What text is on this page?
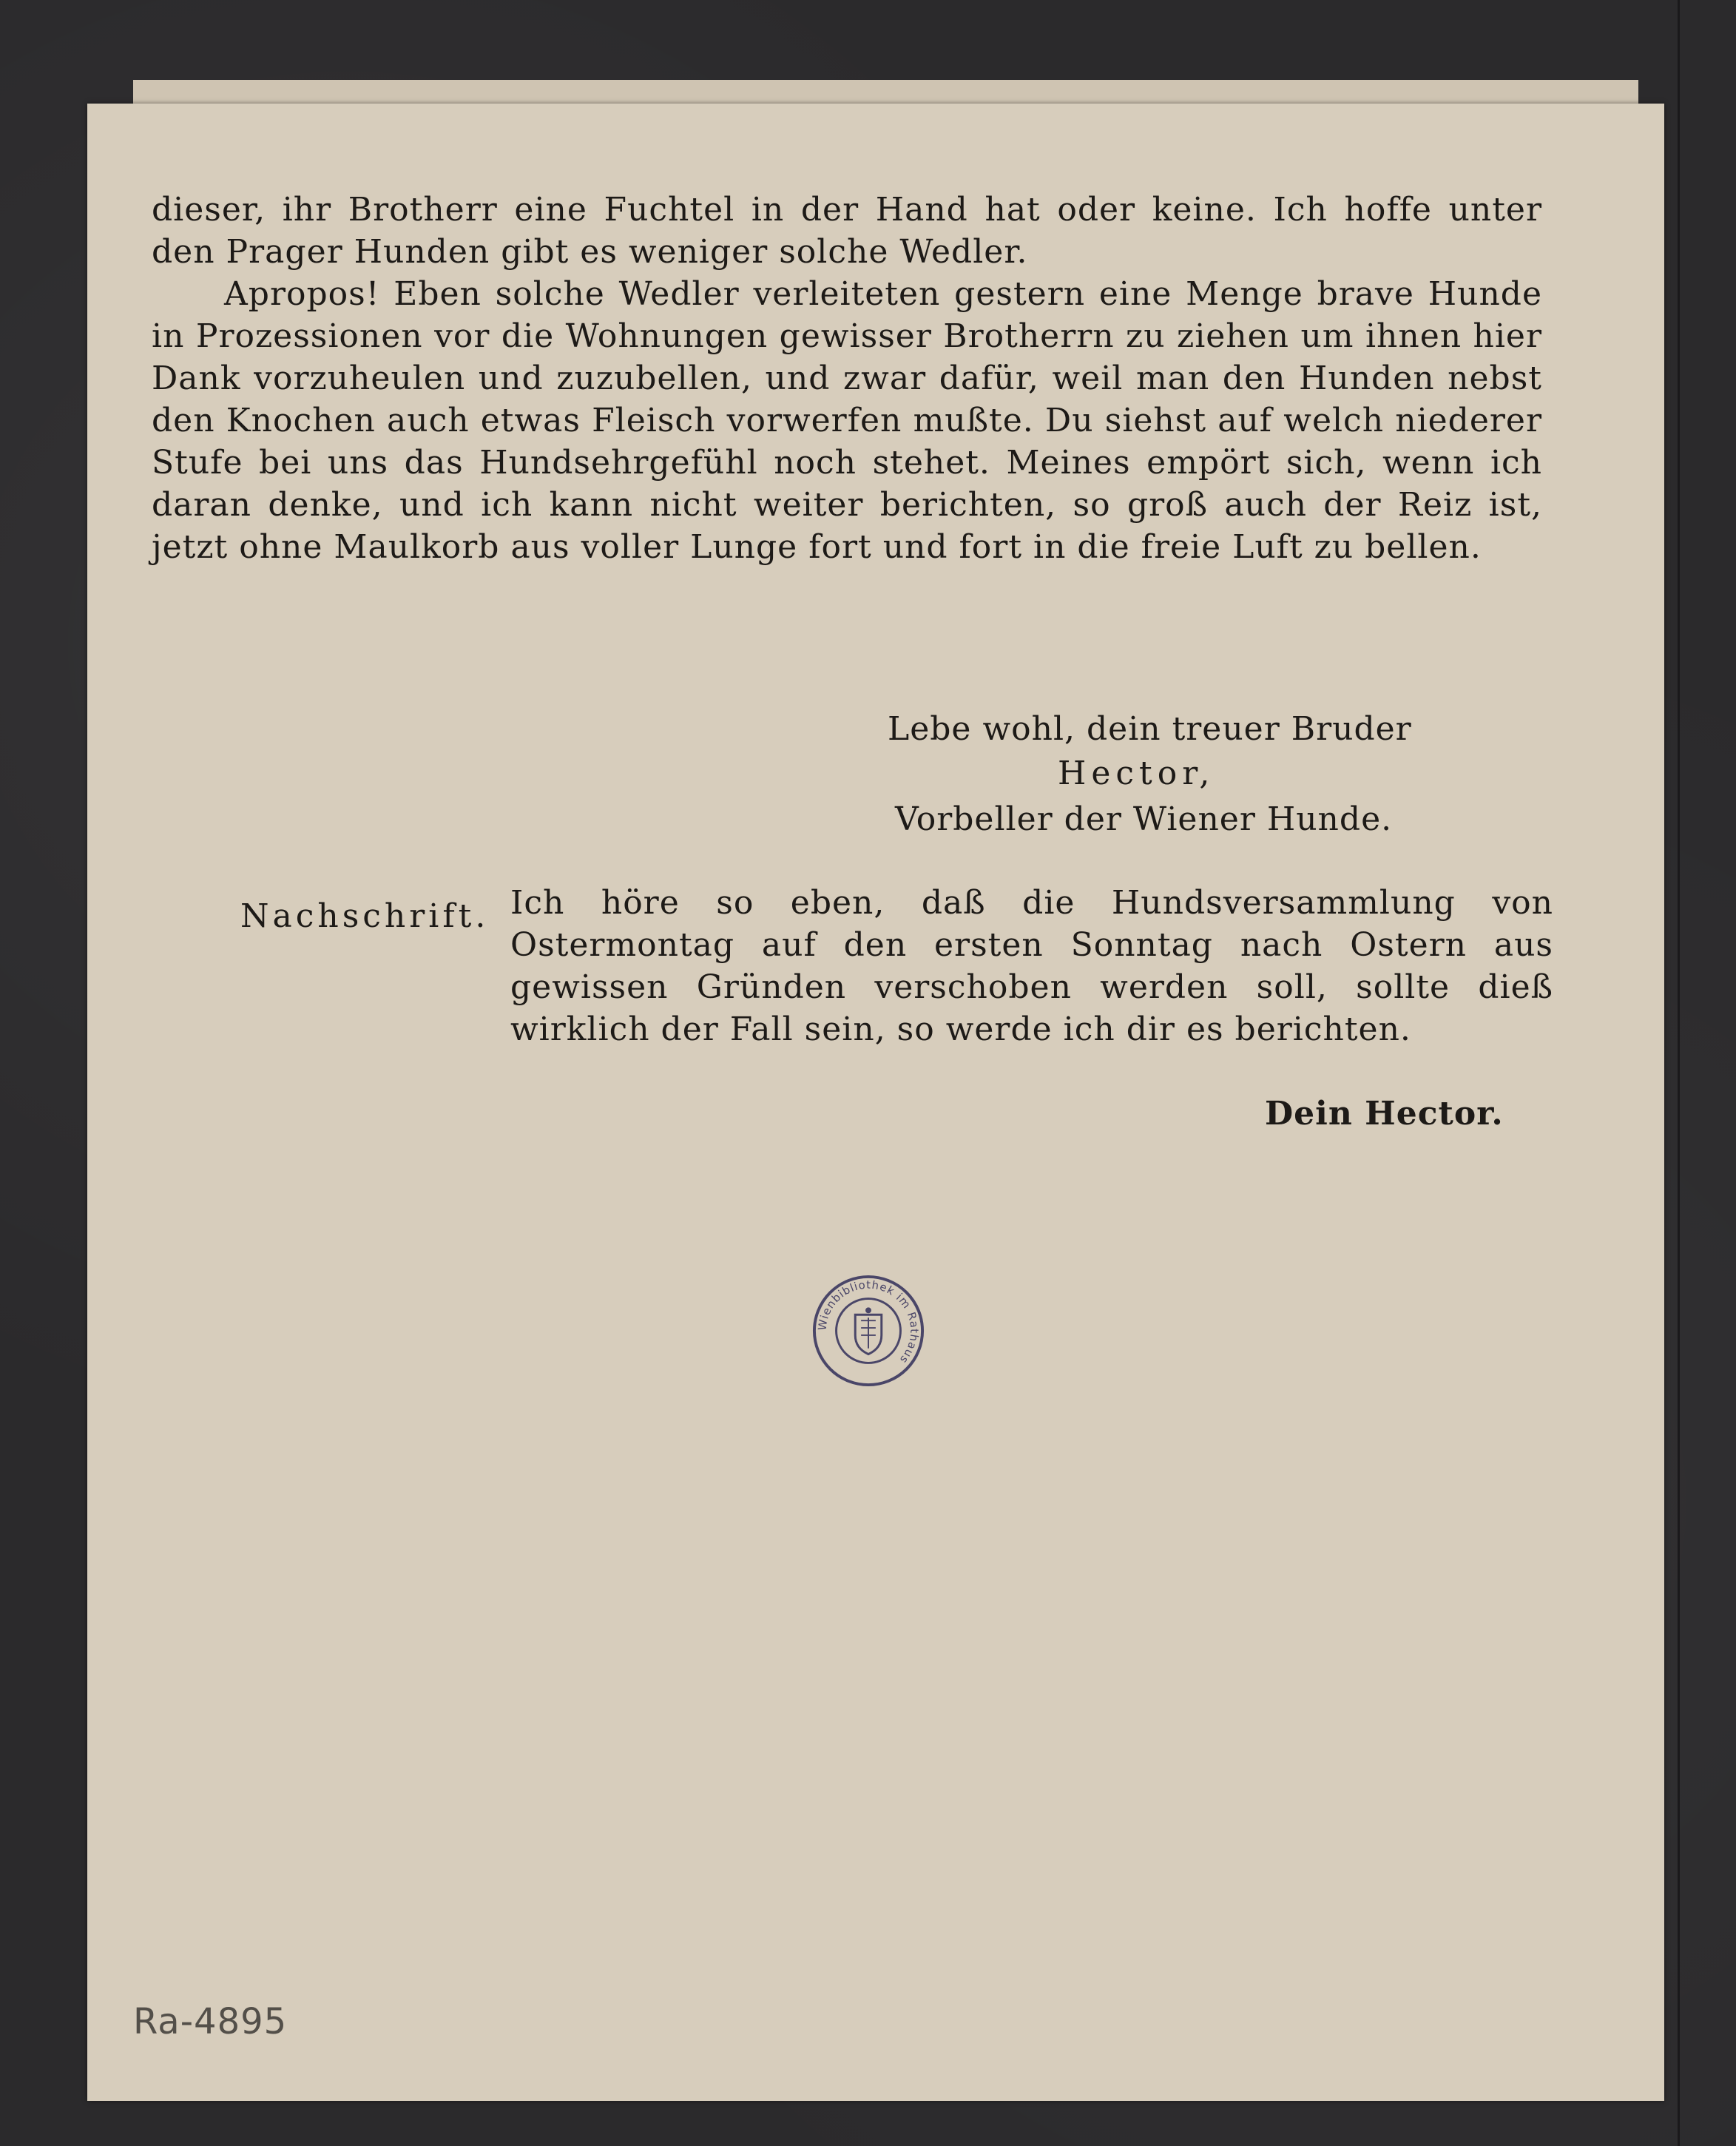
dieser, ihr Brotherr eine Fuchtel in der Hand hat oder keine. Ich hoffe unter den Prager Hunden gibt es weniger solche Wedler.

Apropos! Eben solche Wedler verleiteten gestern eine Menge brave Hunde in Prozessionen vor die Wohnungen gewisser Brotherrn zu ziehen um ihnen hier Dank vorzuheulen und zuzubellen, und zwar dafür, weil man den Hunden nebst den Knochen auch etwas Fleisch vorwerfen mußte. Du siehst auf welch niederer Stufe bei uns das Hundsehrgefühl noch stehet. Meines empört sich, wenn ich daran denke, und ich kann nicht weiter berichten, so groß auch der Reiz ist, jetzt ohne Maulkorb aus voller Lunge fort und fort in die freie Luft zu bellen.

Lebe wohl, dein treuer Bruder
Hector,
Vorbeller der Wiener Hunde.
Nachschrift. Ich höre so eben, daß die Hundsversammlung von Ostermontag auf den ersten Sonntag nach Ostern aus gewissen Gründen verschoben werden soll, sollte dieß wirklich der Fall sein, so werde ich dir es berichten.
Dein Hector.
Wienbibliothek im Rathaus
Ra-4895
